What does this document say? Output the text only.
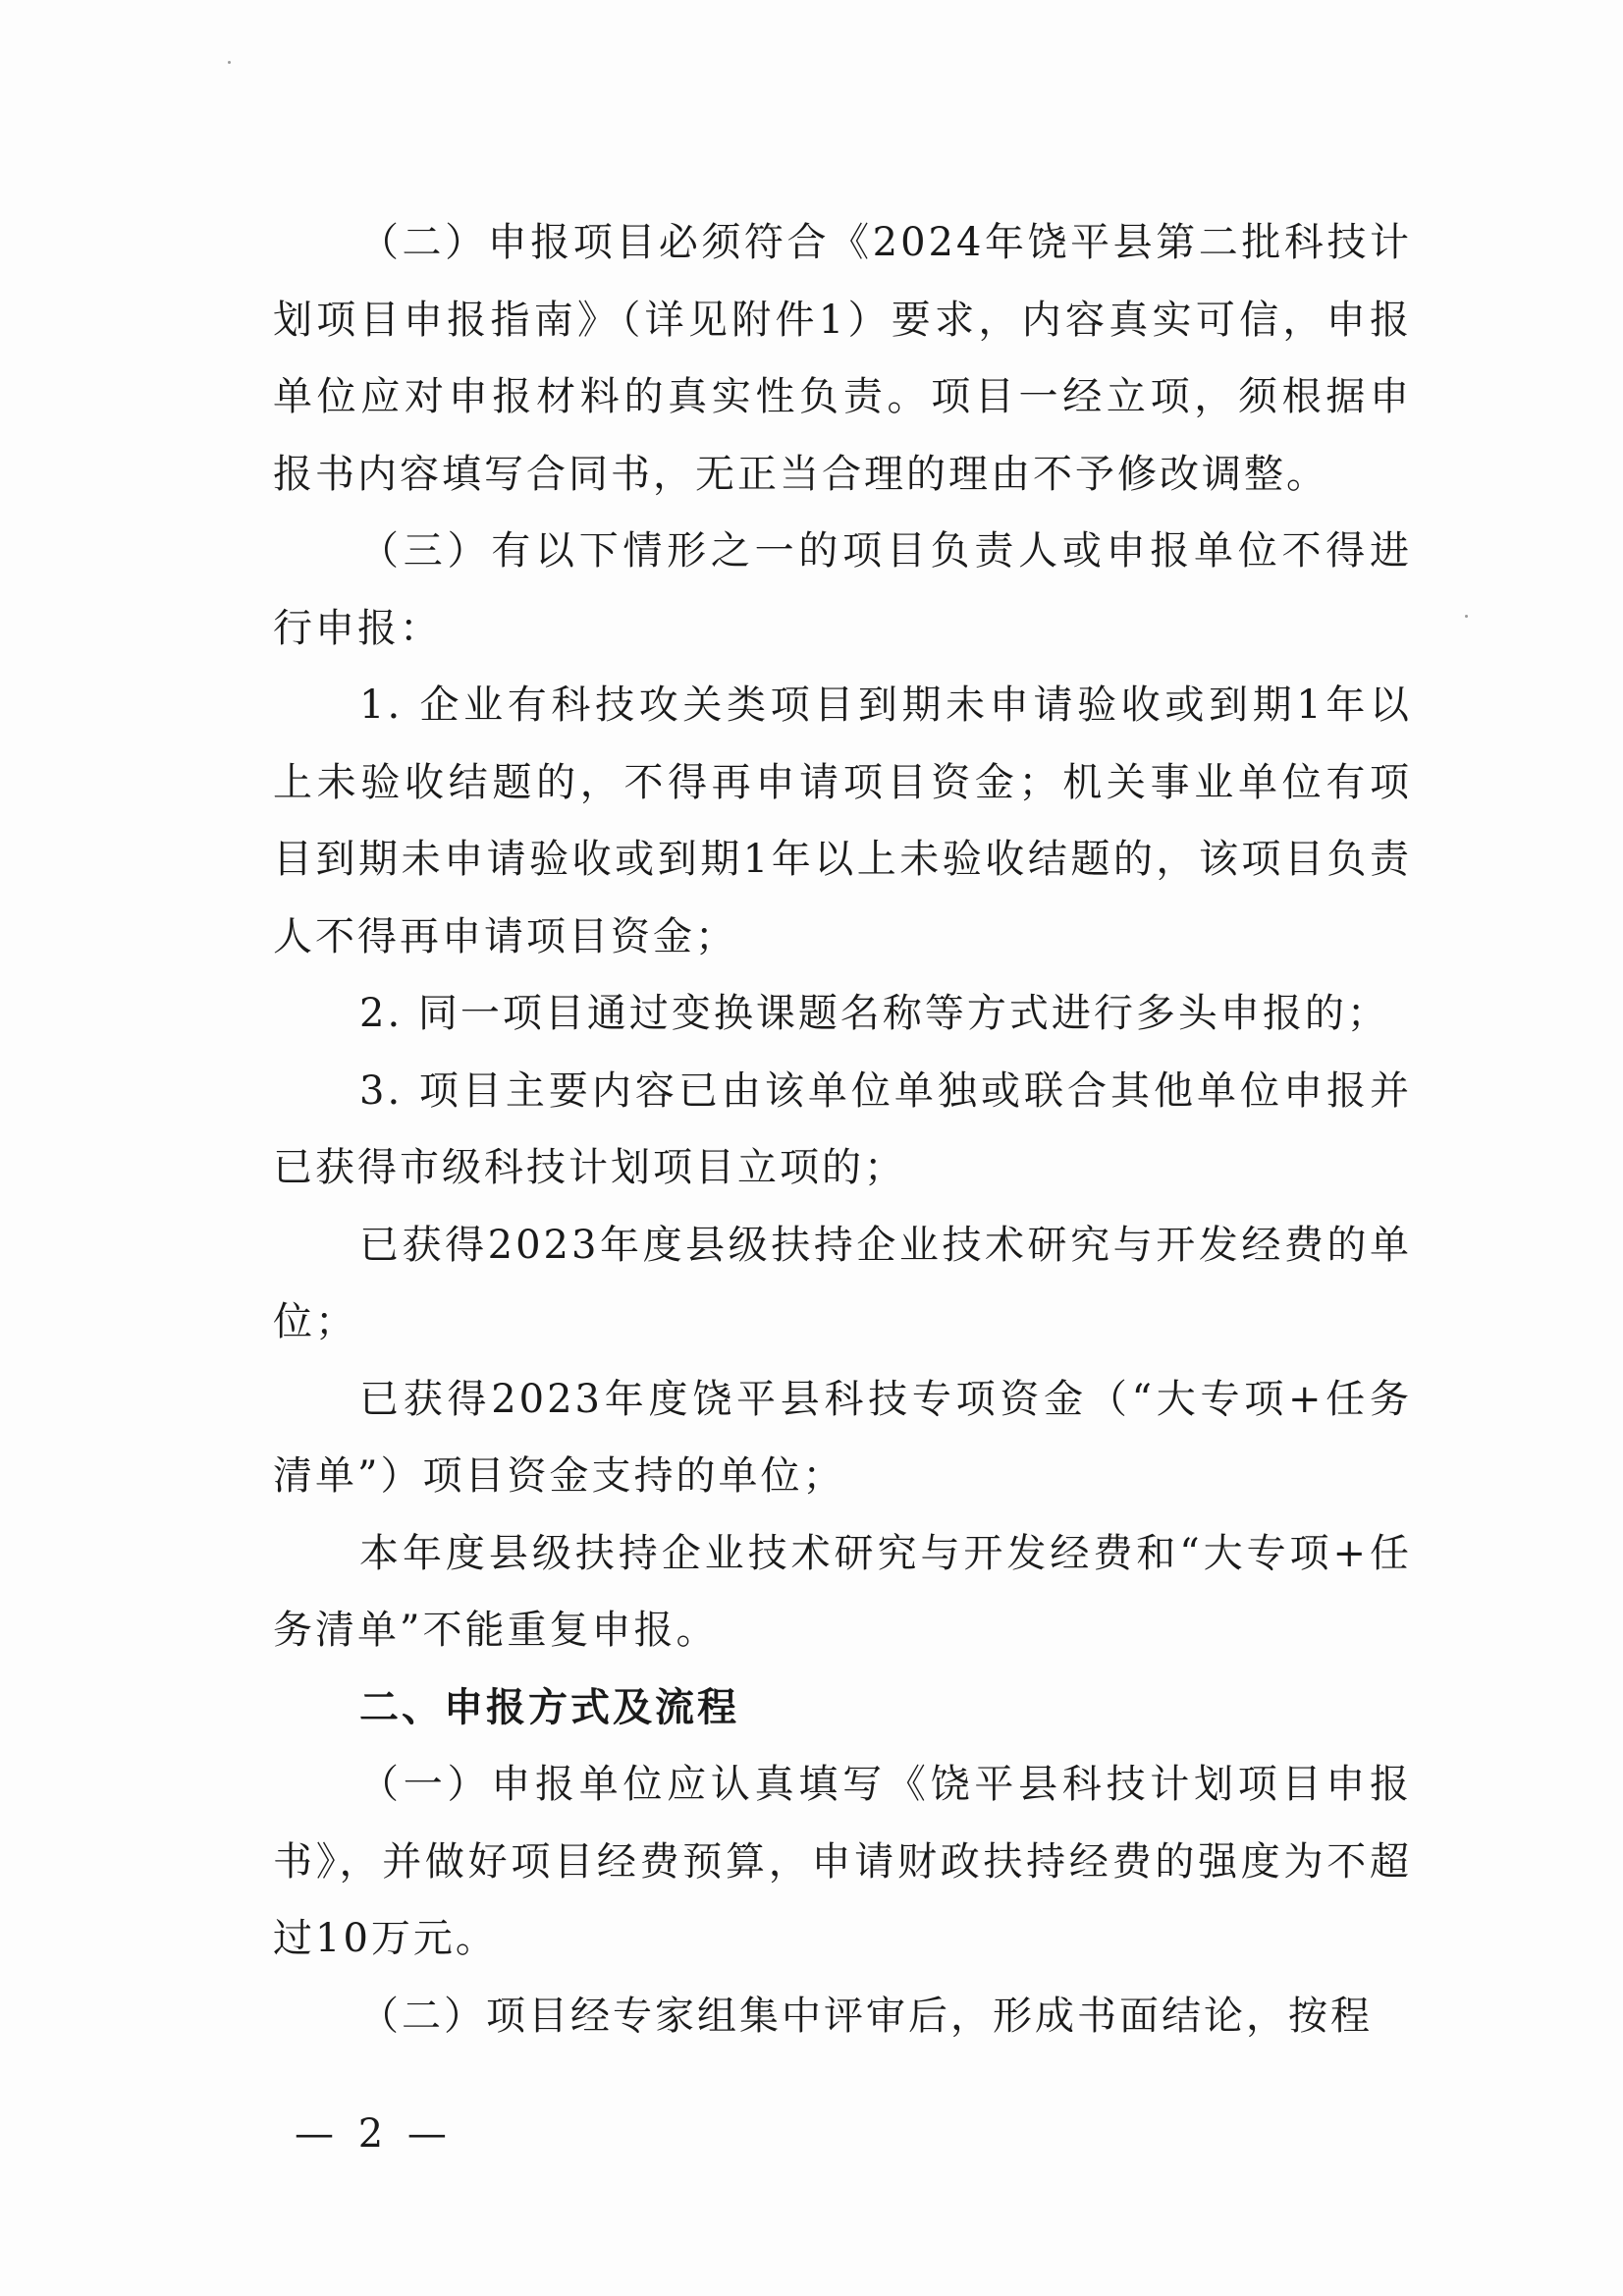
（二）申报项目必须符合《2024年饶平县第二批科技计划项目申报指南》（详见附件1）要求，内容真实可信，申报单位应对申报材料的真实性负责。项目一经立项，须根据申报书内容填写合同书，无正当合理的理由不予修改调整。

（三）有以下情形之一的项目负责人或申报单位不得进行申报：

1. 企业有科技攻关类项目到期未申请验收或到期1年以上未验收结题的，不得再申请项目资金；机关事业单位有项目到期未申请验收或到期1年以上未验收结题的，该项目负责人不得再申请项目资金；

2. 同一项目通过变换课题名称等方式进行多头申报的；

3. 项目主要内容已由该单位单独或联合其他单位申报并已获得市级科技计划项目立项的；

已获得2023年度县级扶持企业技术研究与开发经费的单位；

已获得2023年度饶平县科技专项资金（“大专项+任务清单”）项目资金支持的单位；

本年度县级扶持企业技术研究与开发经费和“大专项+任务清单”不能重复申报。

二、申报方式及流程

（一）申报单位应认真填写《饶平县科技计划项目申报书》，并做好项目经费预算，申请财政扶持经费的强度为不超过10万元。

（二）项目经专家组集中评审后，形成书面结论，按程

— 2 —
